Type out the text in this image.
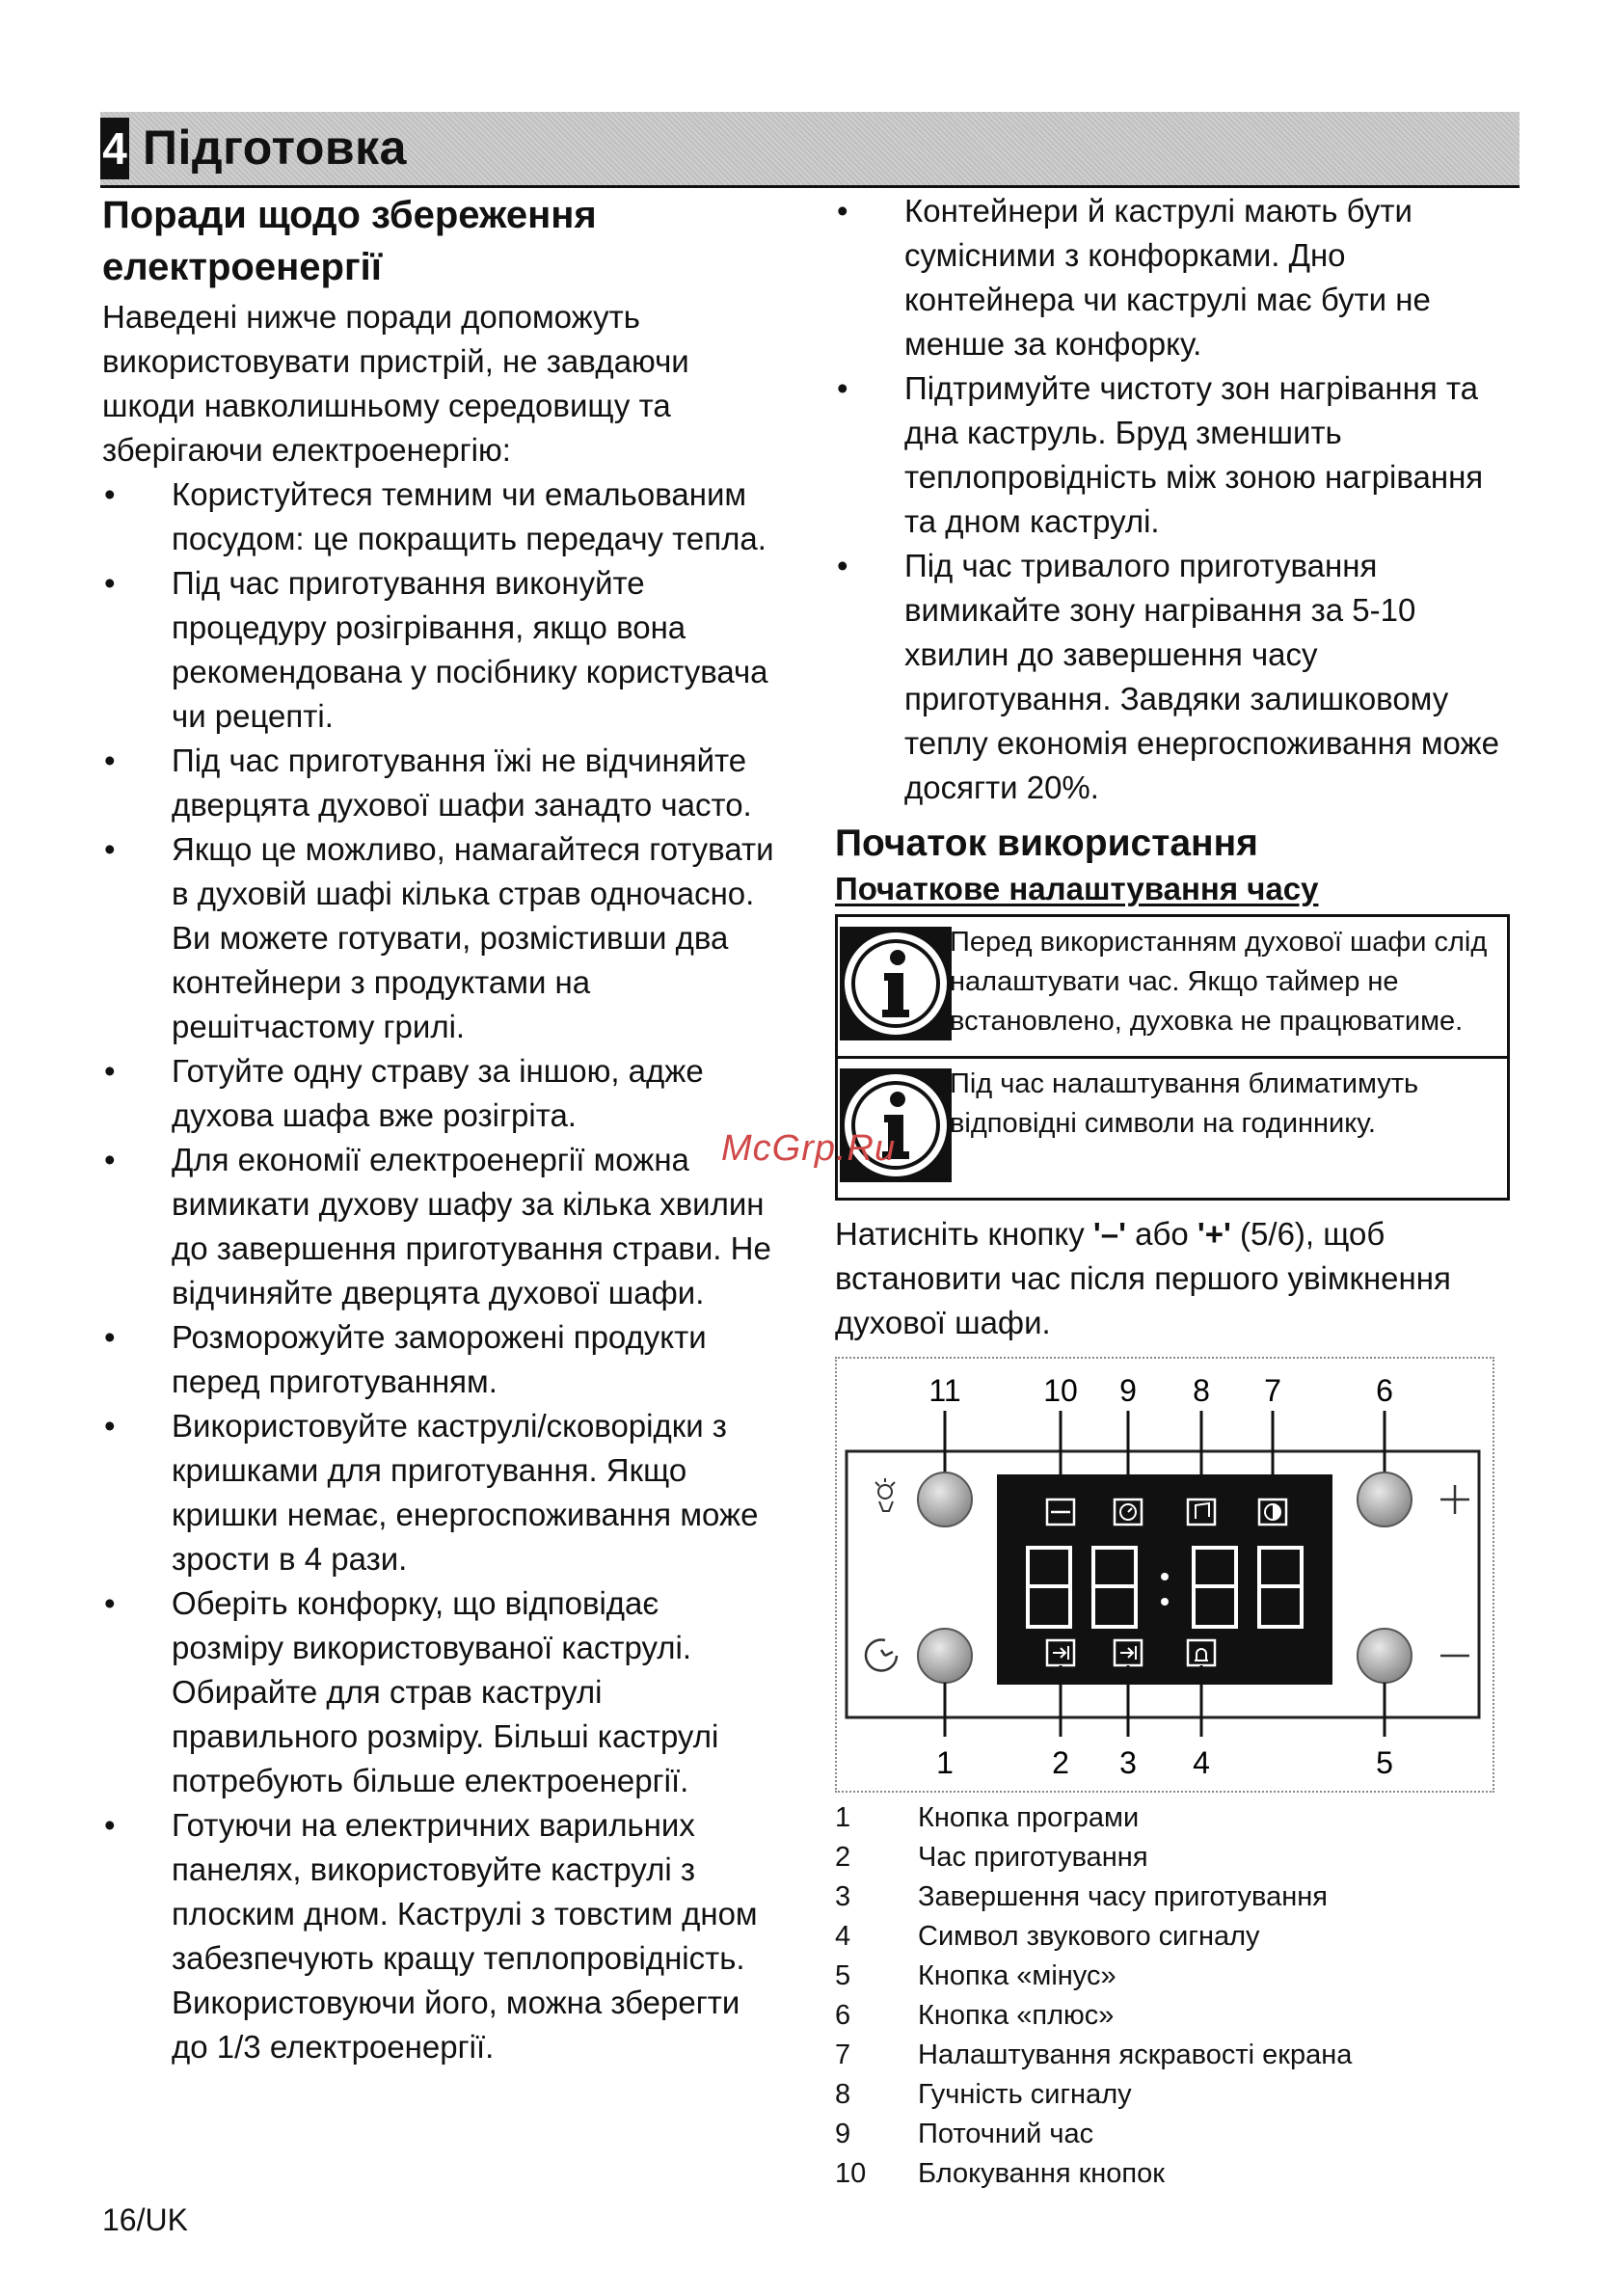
4 Підготовка
Поради щодо збереження електроенергії

Наведені нижче поради допоможуть використовувати пристрій, не завдаючи шкоди навколишньому середовищу та зберігаючи електроенергію:

• Користуйтеся темним чи емальованим посудом: це покращить передачу тепла.
• Під час приготування виконуйте процедуру розігрівання, якщо вона рекомендована у посібнику користувача чи рецепті.
• Під час приготування їжі не відчиняйте дверцята духової шафи занадто часто.
• Якщо це можливо, намагайтеся готувати в духовій шафі кілька страв одночасно. Ви можете готувати, розмістивши два контейнери з продуктами на решітчастому грилі.
• Готуйте одну страву за іншою, адже духова шафа вже розігріта.
• Для економії електроенергії можна вимикати духову шафу за кілька хвилин до завершення приготування страви. Не відчиняйте дверцята духової шафи.
• Розморожуйте заморожені продукти перед приготуванням.
• Використовуйте каструлі/сковорідки з кришками для приготування. Якщо кришки немає, енергоспоживання може зрости в 4 рази.
• Оберіть конфорку, що відповідає розміру використовуваної каструлі. Обирайте для страв каструлі правильного розміру. Більші каструлі потребують більше електроенергії.
• Готуючи на електричних варильних панелях, використовуйте каструлі з плоским дном. Каструлі з товстим дном забезпечують кращу теплопровідність. Використовуючи його, можна зберегти до 1/3 електроенергії.
• Контейнери й каструлі мають бути сумісними з конфорками. Дно контейнера чи каструлі має бути не менше за конфорку.
• Підтримуйте чистоту зон нагрівання та дна каструль. Бруд зменшить теплопровідність між зоною нагрівання та дном каструлі.
• Під час тривалого приготування вимикайте зону нагрівання за 5-10 хвилин до завершення часу приготування. Завдяки залишковому теплу економія енергоспоживання може досягти 20%.
Початок використання
Початкове налаштування часу
Перед використанням духової шафи слід налаштувати час. Якщо таймер не встановлено, духовка не працюватиме.
Під час налаштування блиматимуть відповідні символи на годиннику.

Натисніть кнопку '–' або '+' (5/6), щоб встановити час після першого увімкнення духової шафи.

11	10 9 8 7	6
1	2 3 4	5
1	Кнопка програми
2	Час приготування
3	Завершення часу приготування
4	Символ звукового сигналу
5	Кнопка «мінус»
6	Кнопка «плюс»
7	Налаштування яскравості екрана
8	Гучність сигналу
9	Поточний час
10	Блокування кнопок
McGrp.Ru
16/UK
